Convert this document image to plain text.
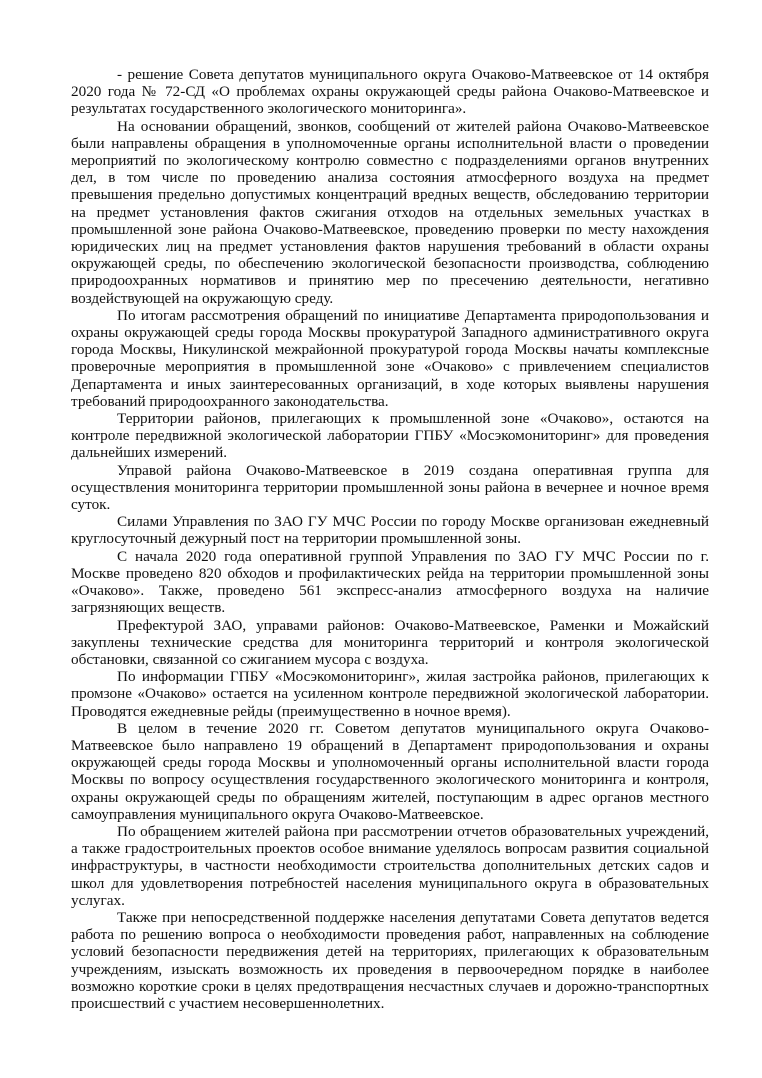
- решение Совета депутатов муниципального округа Очаково-Матвеевское от 14 октября 2020 года № 72-СД «О проблемах охраны окружающей среды района Очаково-Матвеевское и результатах государственного экологического мониторинга».

На основании обращений, звонков, сообщений от жителей района Очаково-Матвеевское были направлены обращения в уполномоченные органы исполнительной власти о проведении мероприятий по экологическому контролю совместно с подразделениями органов внутренних дел, в том числе по проведению анализа состояния атмосферного воздуха на предмет превышения предельно допустимых концентраций вредных веществ, обследованию территории на предмет установления фактов сжигания отходов на отдельных земельных участках в промышленной зоне района Очаково-Матвеевское, проведению проверки по месту нахождения юридических лиц на предмет установления фактов нарушения требований в области охраны окружающей среды, по обеспечению экологической безопасности производства, соблюдению природоохранных нормативов и принятию мер по пресечению деятельности, негативно воздействующей на окружающую среду.

По итогам рассмотрения обращений по инициативе Департамента природопользования и охраны окружающей среды города Москвы прокуратурой Западного административного округа города Москвы, Никулинской межрайонной прокуратурой города Москвы начаты комплексные проверочные мероприятия в промышленной зоне «Очаково» с привлечением специалистов Департамента и иных заинтересованных организаций, в ходе которых выявлены нарушения требований природоохранного законодательства.

Территории районов, прилегающих к промышленной зоне «Очаково», остаются на контроле передвижной экологической лаборатории ГПБУ «Мосэкомониторинг» для проведения дальнейших измерений.

Управой района Очаково-Матвеевское в 2019 создана оперативная группа для осуществления мониторинга территории промышленной зоны района в вечернее и ночное время суток.

Силами Управления по ЗАО ГУ МЧС России по городу Москве организован ежедневный круглосуточный дежурный пост на территории промышленной зоны.

С начала 2020 года оперативной группой Управления по ЗАО ГУ МЧС России по г. Москве проведено 820 обходов и профилактических рейда на территории промышленной зоны «Очаково». Также, проведено 561 экспресс-анализ атмосферного воздуха на наличие загрязняющих веществ.

Префектурой ЗАО, управами районов: Очаково-Матвеевское, Раменки и Можайский закуплены технические средства для мониторинга территорий и контроля экологической обстановки, связанной со сжиганием мусора с воздуха.

По информации ГПБУ «Мосэкомониторинг», жилая застройка районов, прилегающих к промзоне «Очаково» остается на усиленном контроле передвижной экологической лаборатории. Проводятся ежедневные рейды (преимущественно в ночное время).

В целом в течение 2020 гг. Советом депутатов муниципального округа Очаково-Матвеевское было направлено 19 обращений в Департамент природопользования и охраны окружающей среды города Москвы и уполномоченный органы исполнительной власти города Москвы по вопросу осуществления государственного экологического мониторинга и контроля, охраны окружающей среды по обращениям жителей, поступающим в адрес органов местного самоуправления муниципального округа Очаково-Матвеевское.

По обращением жителей района при рассмотрении отчетов образовательных учреждений, а также градостроительных проектов особое внимание уделялось вопросам развития социальной инфраструктуры, в частности необходимости строительства дополнительных детских садов и школ для удовлетворения потребностей населения муниципального округа в образовательных услугах.

Также при непосредственной поддержке населения депутатами Совета депутатов ведется работа по решению вопроса о необходимости проведения работ, направленных на соблюдение условий безопасности передвижения детей на территориях, прилегающих к образовательным учреждениям, изыскать возможность их проведения в первоочередном порядке в наиболее возможно короткие сроки в целях предотвращения несчастных случаев и дорожно-транспортных происшествий с участием несовершеннолетних.
